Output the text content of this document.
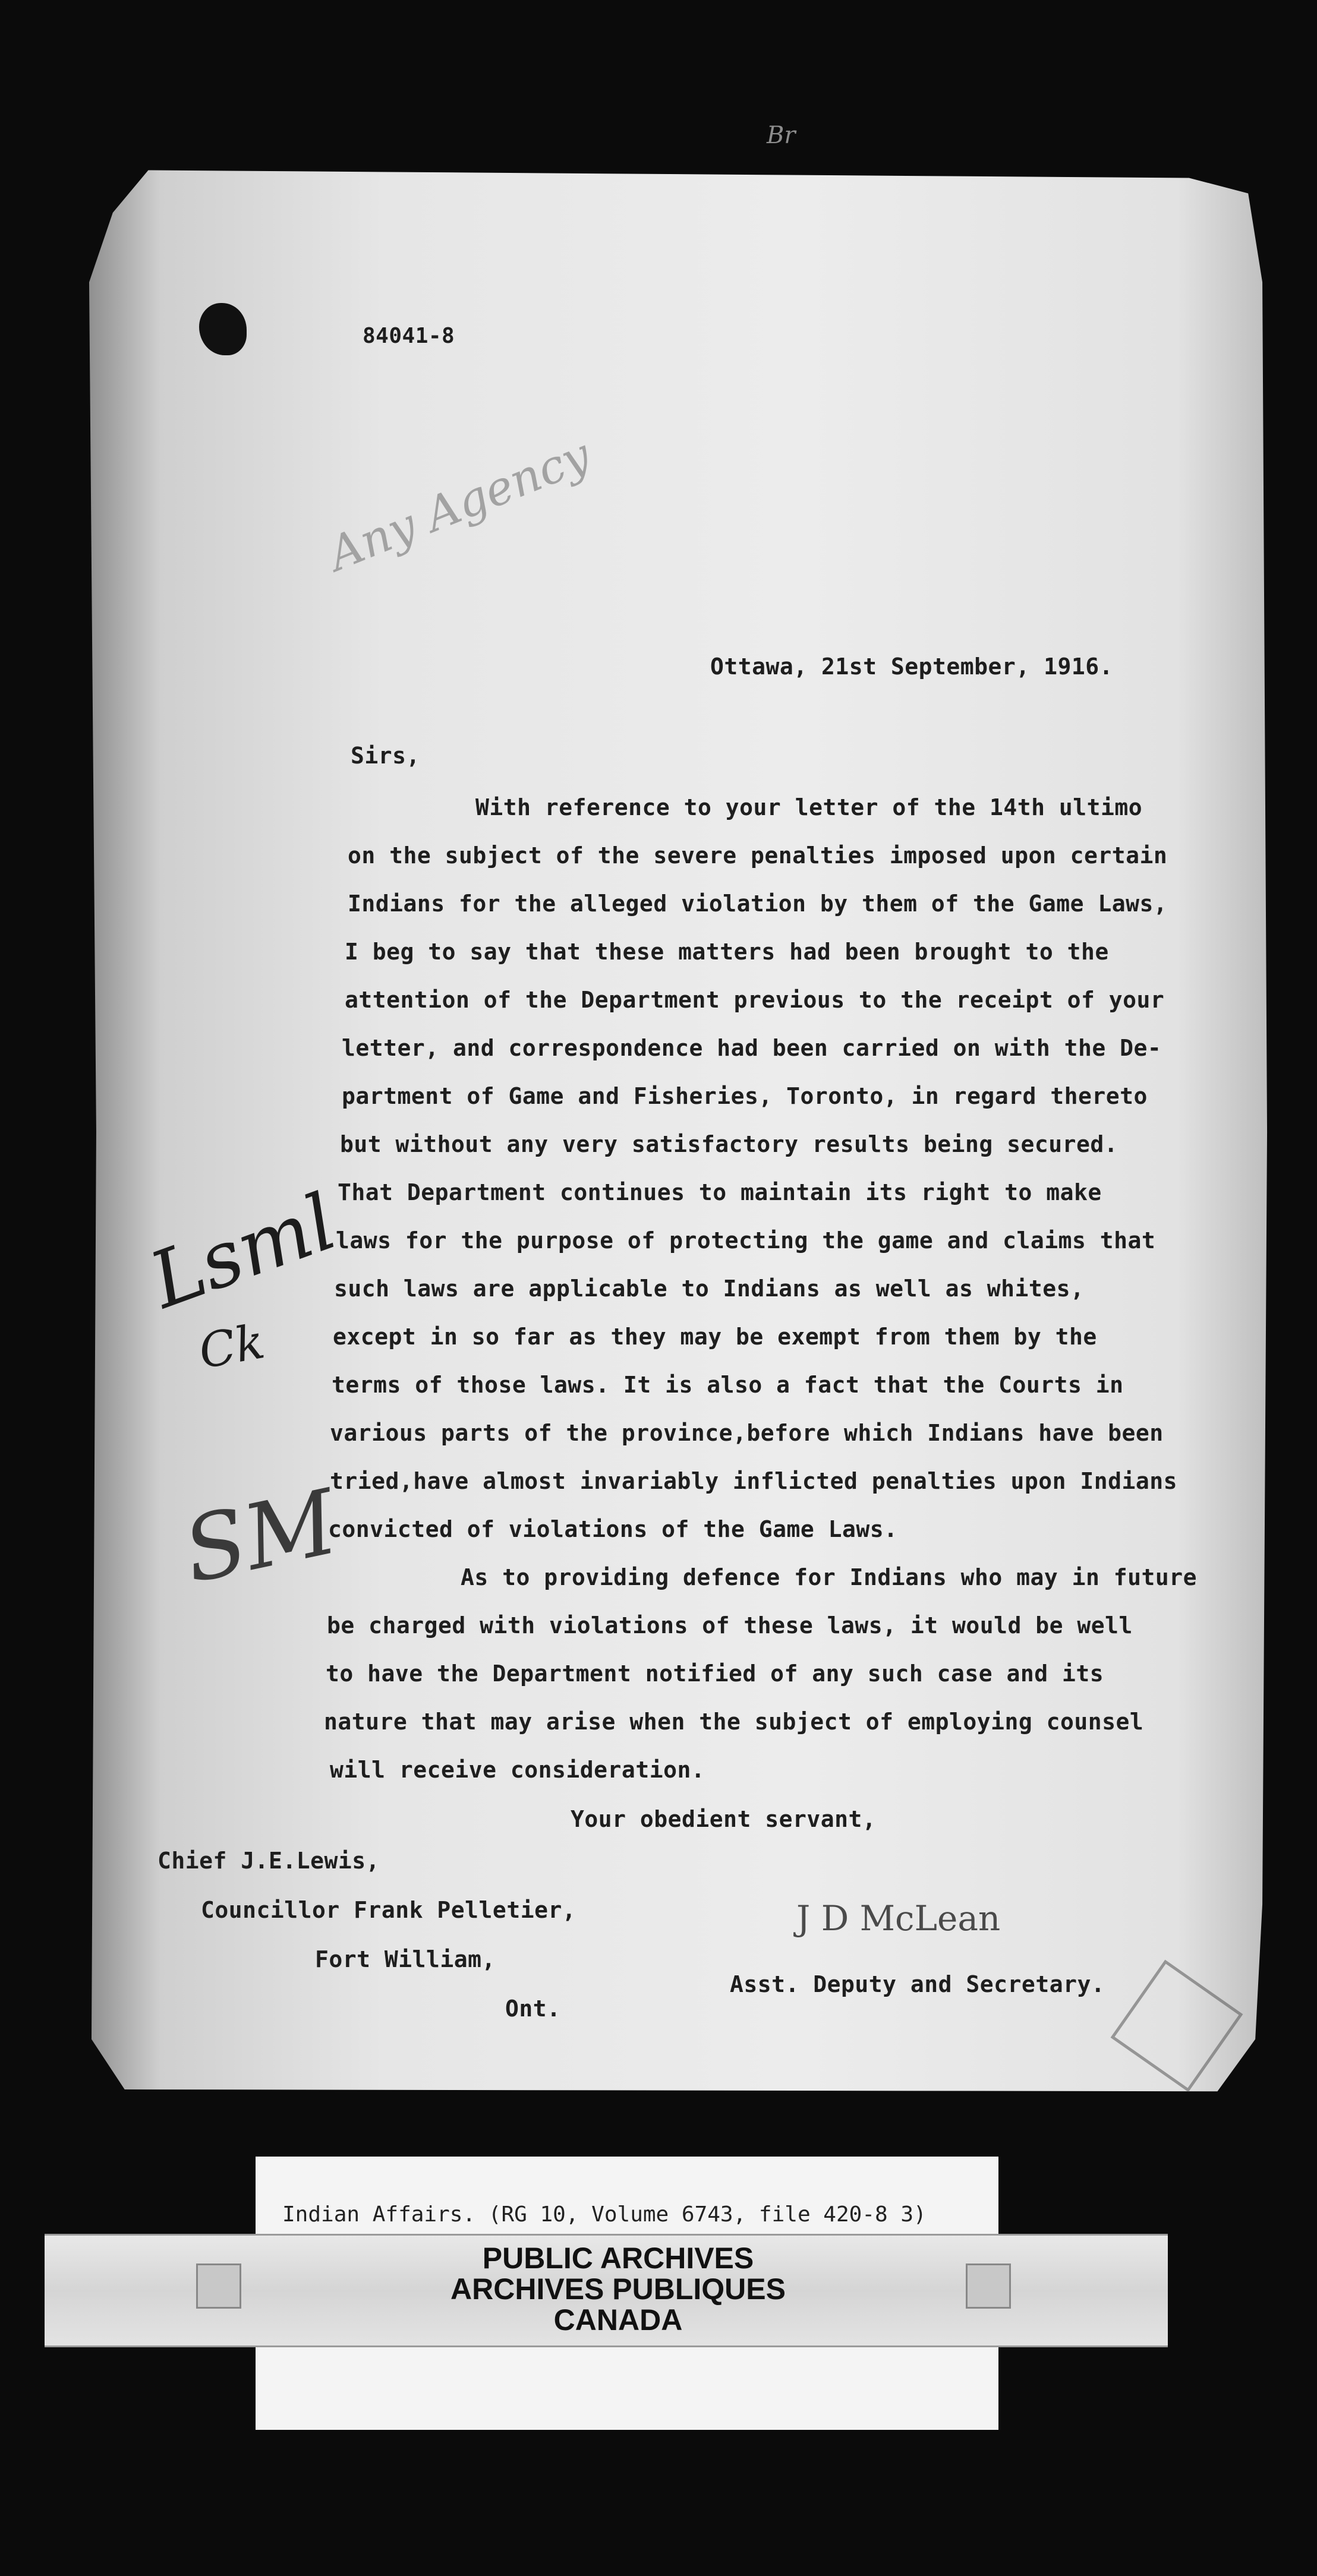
Br
84041-8
Any Agency
Ottawa, 21st September, 1916.
Sirs,
With reference to your letter of the 14th ultimo
on the subject of the severe penalties imposed upon certain
Indians for the alleged violation by them of the Game Laws,
I beg to say that these matters had been brought to the
attention of the Department previous to the receipt of your
letter, and correspondence had been carried on with the De-
partment of Game and Fisheries, Toronto, in regard thereto
but without any very satisfactory results being secured.
That Department continues to maintain its right to make
laws for the purpose of protecting the game and claims that
such laws are applicable to Indians as well as whites,
except in so far as they may be exempt from them by the
terms of those laws. It is also a fact that the Courts in
various parts of the province,before which Indians have been
tried,have almost invariably inflicted penalties upon Indians
convicted of violations of the Game Laws.
As to providing defence for Indians who may in future
be charged with violations of these laws, it would be well
to have the Department notified of any such case and its
nature that may arise when the subject of employing counsel
will receive consideration.
Your obedient servant,
Chief J.E.Lewis,
Councillor Frank Pelletier,
Fort William,
Ont.
J D McLean
Asst. Deputy and Secretary.
Lsml
Ck
SM
Indian Affairs. (RG 10, Volume 6743, file 420-8 3)
PUBLIC ARCHIVES
ARCHIVES PUBLIQUES
CANADA
